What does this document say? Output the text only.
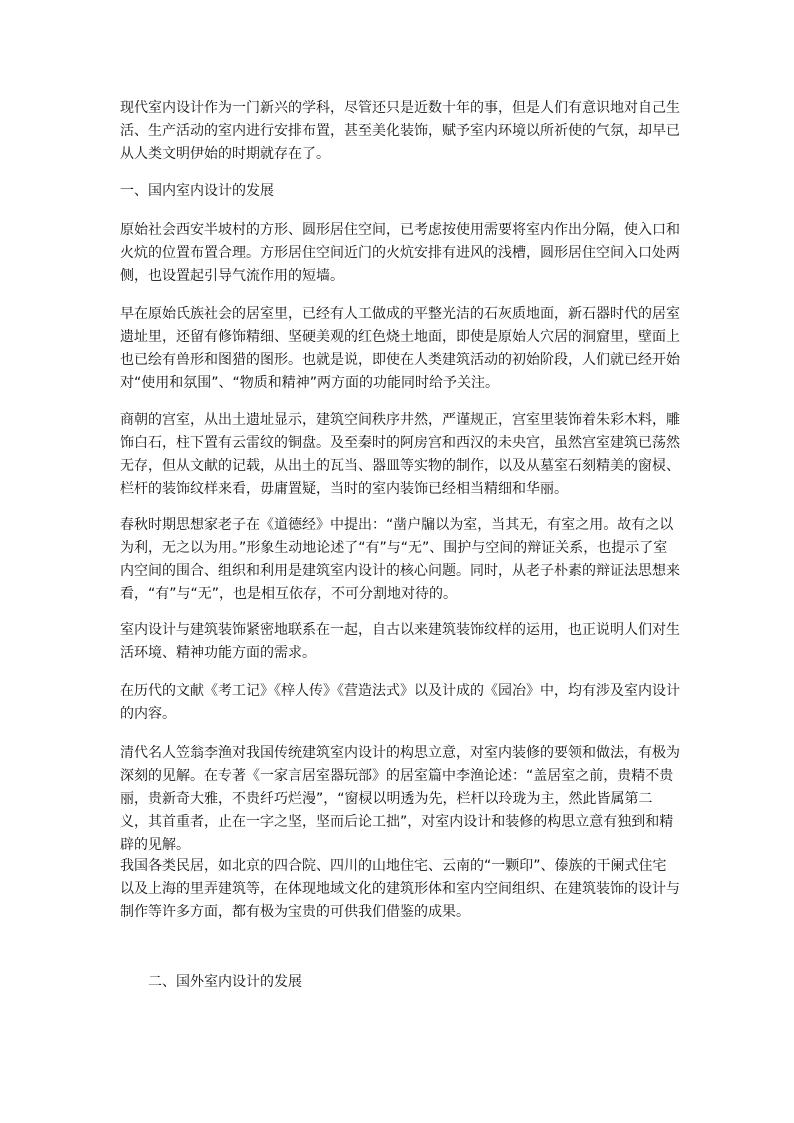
现代室内设计作为一门新兴的学科，尽管还只是近数十年的事，但是人们有意识地对自己生活、生产活动的室内进行安排布置，甚至美化装饰，赋予室内环境以所祈使的气氛，却早已从人类文明伊始的时期就存在了。

一、国内室内设计的发展

原始社会西安半坡村的方形、圆形居住空间，已考虑按使用需要将室内作出分隔，使入口和火炕的位置布置合理。方形居住空间近门的火炕安排有进风的浅槽，圆形居住空间入口处两侧，也设置起引导气流作用的短墙。

早在原始氏族社会的居室里，已经有人工做成的平整光洁的石灰质地面，新石器时代的居室遗址里，还留有修饰精细、坚硬美观的红色烧土地面，即使是原始人穴居的洞窟里，壁面上也已绘有兽形和图猎的图形。也就是说，即使在人类建筑活动的初始阶段，人们就已经开始对“使用和氛围”、“物质和精神”两方面的功能同时给予关注。

商朝的宫室，从出土遗址显示，建筑空间秩序井然，严谨规正，宫室里装饰着朱彩木料，雕饰白石，柱下置有云雷纹的铜盘。及至秦时的阿房宫和西汉的未央宫，虽然宫室建筑已荡然无存，但从文献的记载，从出土的瓦当、器皿等实物的制作，以及从墓室石刻精美的窗棂、栏杆的装饰纹样来看，毋庸置疑，当时的室内装饰已经相当精细和华丽。

春秋时期思想家老子在《道德经》中提出：“凿户牖以为室，当其无，有室之用。故有之以为利，无之以为用。”形象生动地论述了“有”与“无”、围护与空间的辩证关系，也提示了室内空间的围合、组织和利用是建筑室内设计的核心问题。同时，从老子朴素的辩证法思想来看，“有”与“无”，也是相互依存，不可分割地对待的。

室内设计与建筑装饰紧密地联系在一起，自古以来建筑装饰纹样的运用，也正说明人们对生活环境、精神功能方面的需求。

在历代的文献《考工记》《梓人传》《营造法式》以及计成的《园冶》中，均有涉及室内设计的内容。

清代名人笠翁李渔对我国传统建筑室内设计的构思立意，对室内装修的要领和做法，有极为深刻的见解。在专著《一家言居室器玩部》的居室篇中李渔论述：“盖居室之前，贵精不贵丽，贵新奇大雅，不贵纤巧烂漫”，“窗棂以明透为先，栏杆以玲珑为主，然此皆属第二义，其首重者，止在一字之坚，坚而后论工拙”，对室内设计和装修的构思立意有独到和精辟的见解。

我国各类民居，如北京的四合院、四川的山地住宅、云南的“一颗印”、傣族的干阑式住宅以及上海的里弄建筑等，在体现地域文化的建筑形体和室内空间组织、在建筑装饰的设计与制作等许多方面，都有极为宝贵的可供我们借鉴的成果。

二、国外室内设计的发展
